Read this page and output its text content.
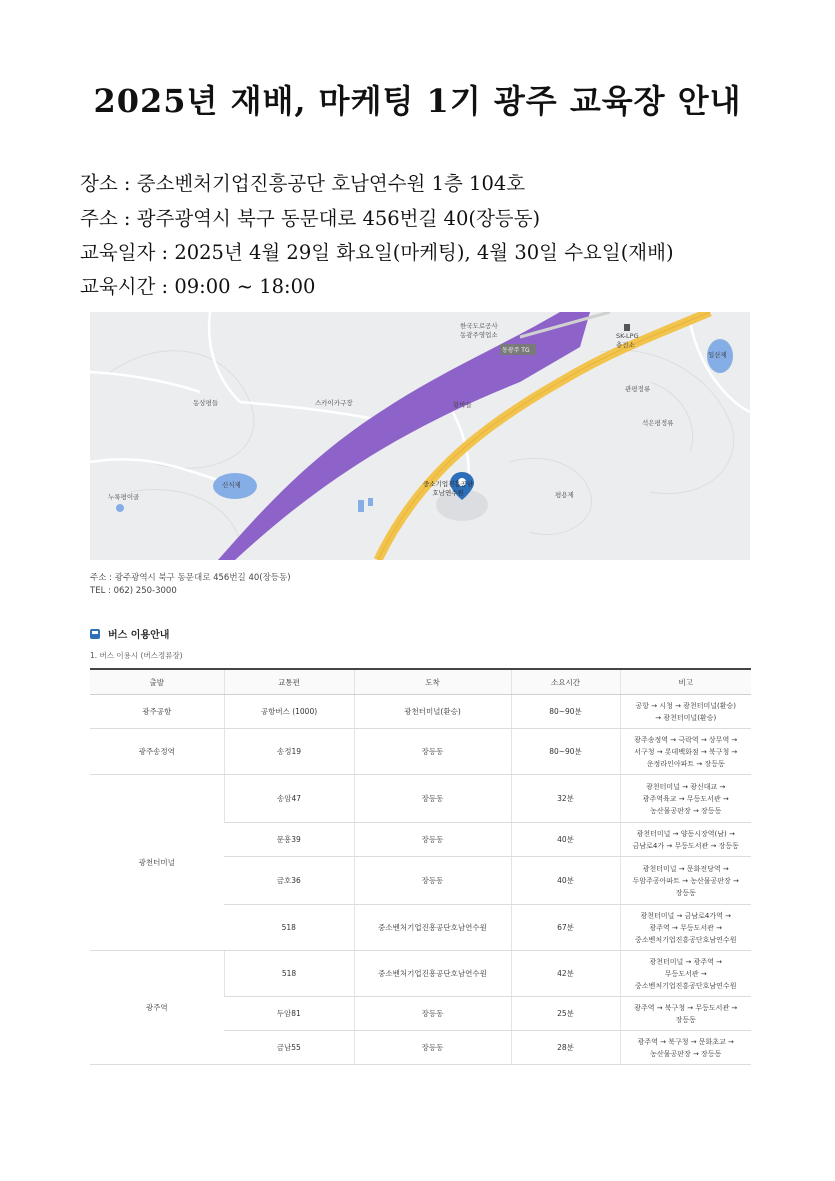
2025년 재배, 마케팅 1기 광주 교육장 안내
장소 : 중소벤처기업진흥공단 호남연수원 1층 104호
주소 : 광주광역시 북구 동문대로 456번길 40(장등동)
교육일자 : 2025년 4월 29일 화요일(마케팅), 4월 30일 수요일(재배)
교육시간 : 09:00 ~ 18:00
한국도로공사
동광주영업소
동광주 TG
SK-LPG
충전소
일산제
관평정류
동상평들	스카이카구장	황박들
석은평정류
신식제
누룩평이골
중소기업진흥공단
호남연수원	평용제
주소 : 광주광역시 북구 동문대로 456번길 40(장등동)
TEL : 062) 250-3000
버스 이용안내
1. 버스 이용시 (버스정류장)
출발	교통편	도착	소요시간	비고
광주공항	공항버스 (1000)	광천터미널(환승)	80~90분	공항 → 시청 → 광천터미널(환승)
→ 광천터미널(환승)
광주송정역	송정19	장등동	80~90분	광주송정역 → 극락역 → 상무역 →
서구청 → 롯데백화점 → 북구청 →
운정라인아파트 → 장등동
광천터미널	송암47	장등동	32분	광천터미널 → 광신대교 →
광주역육교 → 무등도서관 →
농산물공판장 → 장등동
	문흥39	장등동	40분	광천터미널 → 양동시장역(남) →
금남로4가 → 무등도서관 → 장등동
	금호36	장등동	40분	광천터미널 → 문화전당역 →
두암주공아파트 → 농산물공판장 →
장등동
	518	중소벤처기업진흥공단호남연수원	67분	광천터미널 → 금남로4가역 →
광주역 → 무등도서관 →
중소벤처기업진흥공단호남연수원
광주역	518	중소벤처기업진흥공단호남연수원	42분	광천터미널 → 광주역 →
무등도서관 →
중소벤처기업진흥공단호남연수원
	두암81	장등동	25분	광주역 → 북구청 → 무등도서관 →
장등동
	금남55	장등동	28분	광주역 → 북구청 → 문화초교 →
농산물공판장 → 장등동
